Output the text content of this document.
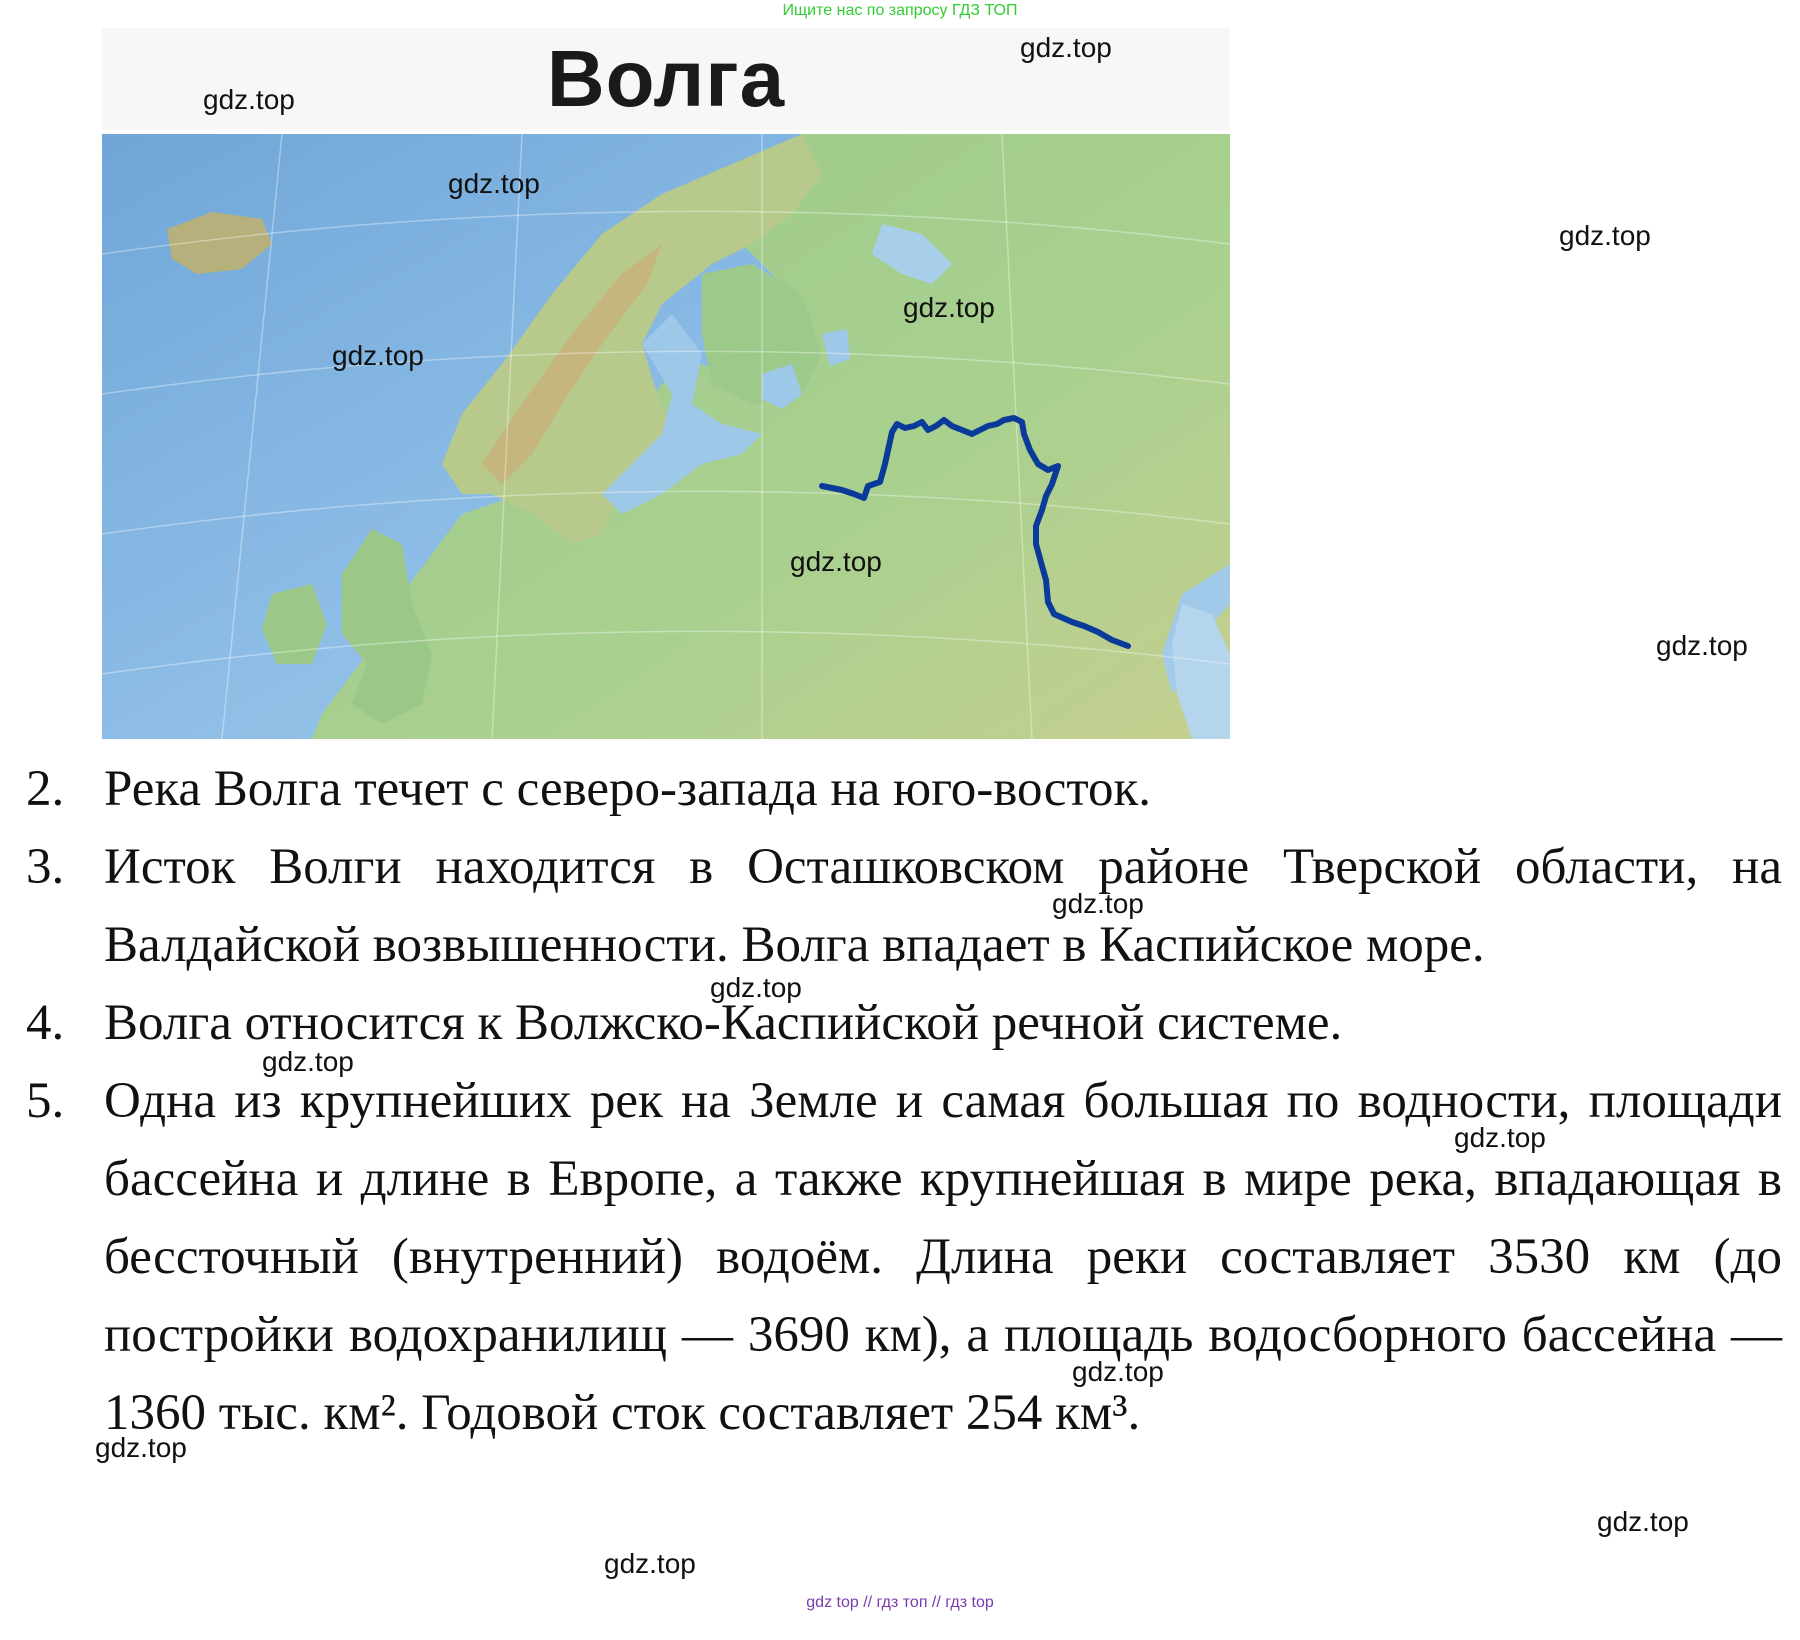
Ищите нас по запросу ГДЗ ТОП
Волга	gdz.top
gdz.top
gdz.top
gdz.top
gdz.top
gdz.top
gdz.top
gdz.top
gdz.top
gdz.top
gdz.top
gdz.top
gdz.top
gdz.top
gdz.top
gdz.top
2. Река Волга течет с северо-запада на юго-восток.
3. Исток Волги находится в Осташковском районе Тверской области, на Валдайской возвышенности. Волга впадает в Каспийское море.
4. Волга относится к Волжско-Каспийской речной системе.
5. Одна из крупнейших рек на Земле и самая большая по водности, площади бассейна и длине в Европе, а также крупнейшая в мире река, впадающая в бессточный (внутренний) водоём. Длина реки составляет 3530 км (до постройки водохранилищ — 3690 км), а площадь водосборного бассейна — 1360 тыс. км². Годовой сток составляет 254 км³.
gdz top // гдз топ // гдз top
